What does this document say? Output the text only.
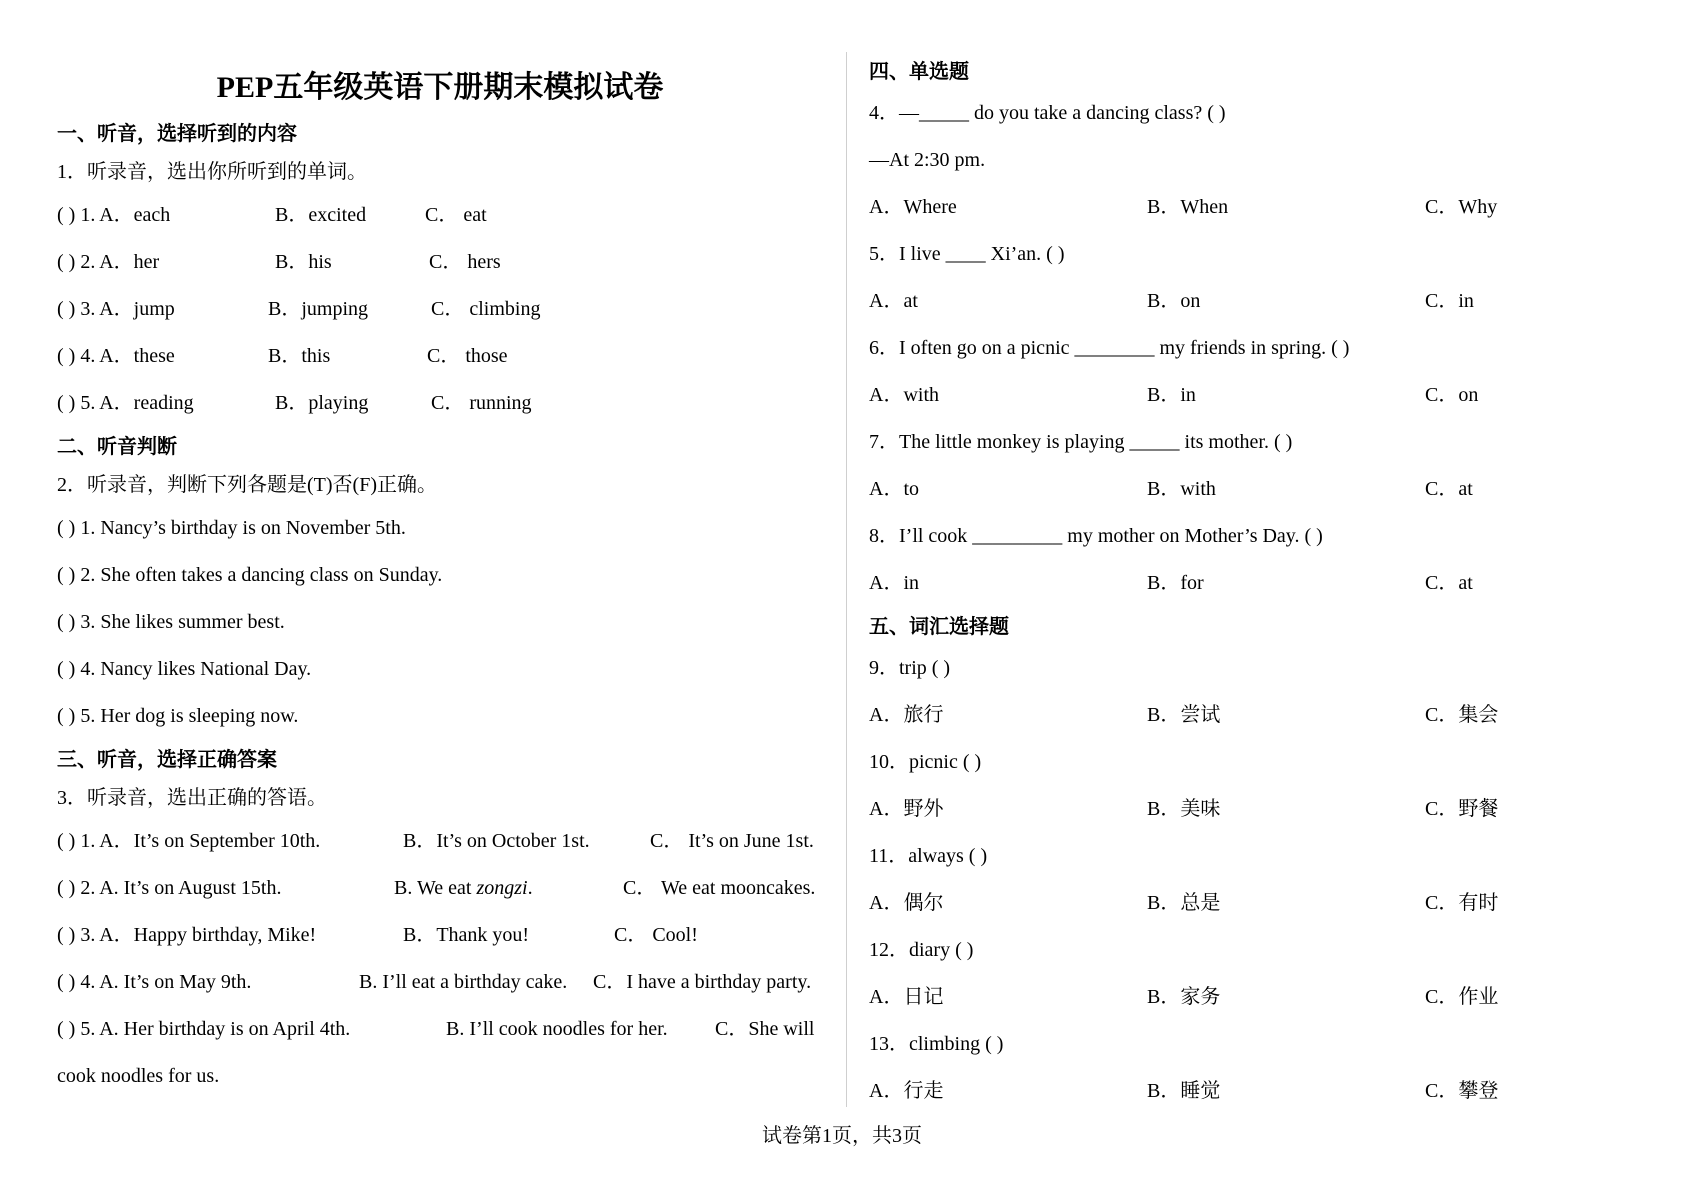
PEP五年级英语下册期末模拟试卷
一、听音，选择听到的内容
1．听录音，选出你所听到的单词。
( ) 1. A．each	B．excited	C． eat
( ) 2. A．her	B．his	C． hers
( ) 3. A．jump	B．jumping	C． climbing
( ) 4. A．these	B．this	C． those
( ) 5. A．reading	B．playing	C． running
二、听音判断
2．听录音，判断下列各题是(T)否(F)正确。
( ) 1. Nancy’s birthday is on November 5th.
( ) 2. She often takes a dancing class on Sunday.
( ) 3. She likes summer best.
( ) 4. Nancy likes National Day.
( ) 5. Her dog is sleeping now.
三、听音，选择正确答案
3．听录音，选出正确的答语。
( ) 1. A．It’s on September 10th.	B．It’s on October 1st.	C． It’s on June 1st.
( ) 2. A. It’s on August 15th.	B. We eat zongzi.	C． We eat mooncakes.
( ) 3. A．Happy birthday, Mike!	B．Thank you!	C． Cool!
( ) 4. A. It’s on May 9th.	B. I’ll eat a birthday cake. C．I have a birthday party.
( ) 5. A. Her birthday is on April 4th.	B. I’ll cook noodles for her. C．She will
cook noodles for us.
四、单选题
4．—_____ do you take a dancing class? ( )
—At 2:30 pm.
A．Where	B．When	C．Why
5．I live ____ Xi’an. ( )
A．at	B．on	C．in
6．I often go on a picnic ________ my friends in spring. ( )
A．with	B．in	C．on
7．The little monkey is playing _____ its mother. ( )
A．to	B．with	C．at
8．I’ll cook _________ my mother on Mother’s Day. ( )
A．in	B．for	C．at
五、词汇选择题
9．trip ( )
A．旅行	B．尝试	C．集会
10．picnic ( )
A．野外	B．美味	C．野餐
11．always ( )
A．偶尔	B．总是	C．有时
12．diary ( )
A．日记	B．家务	C．作业
13．climbing ( )
A．行走	B．睡觉	C．攀登
试卷第1页，共3页
